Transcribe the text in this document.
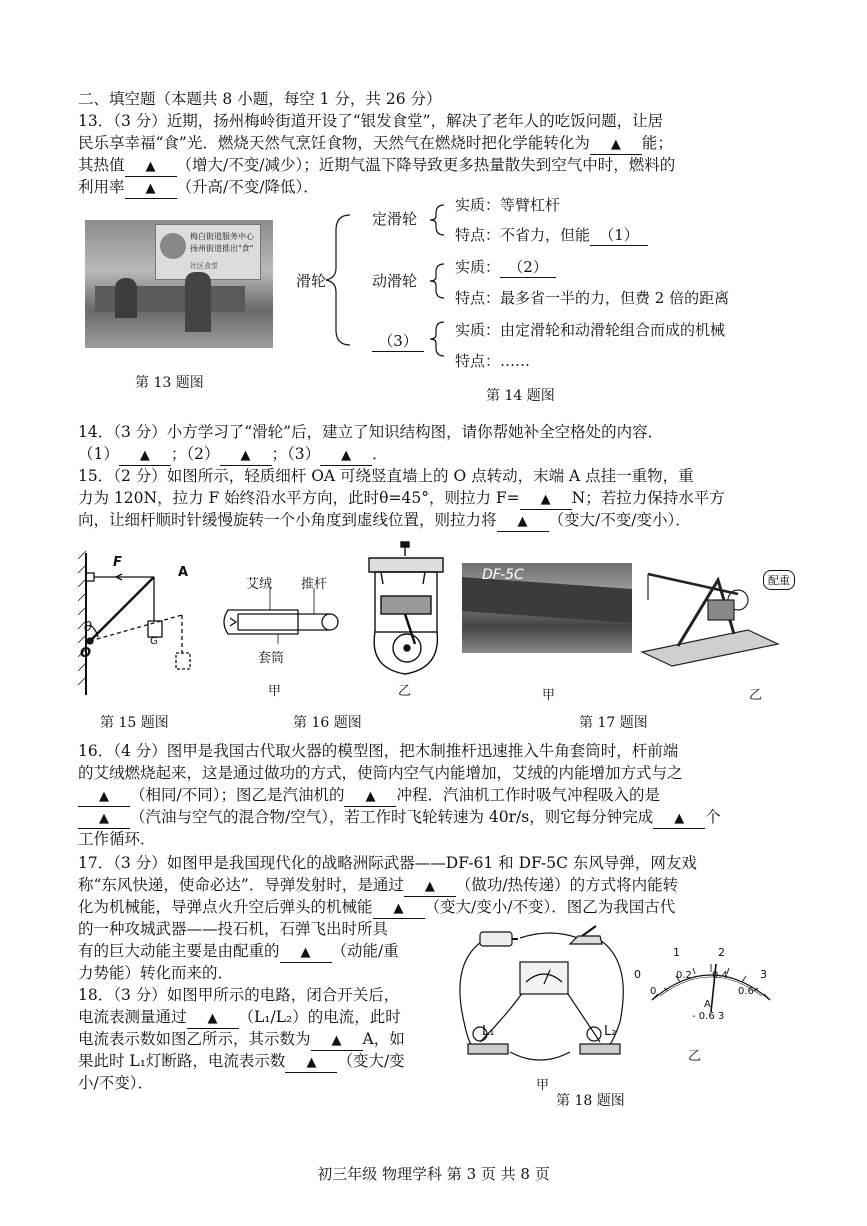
二、填空题（本题共 8 小题，每空 1 分，共 26 分）
13．（3 分）近期，扬州梅岭街道开设了“银发食堂”，解决了老年人的吃饭问题，让居
民乐享幸福“食”光．燃烧天然气烹饪食物，天然气在燃烧时把化学能转化为 ▲ 能；
其热值 ▲ （增大/不变/减少）；近期气温下降导致更多热量散失到空气中时，燃料的
利用率 ▲ （升高/不变/降低）．
梅白街道服务中心
扬州街道推出"食"
社区食堂
第 13 题图
滑轮
定滑轮
动滑轮
（3）
实质：等臂杠杆
特点：不省力，但能 （1）
实质： （2）
特点：最多省一半的力，但费 2 倍的距离
实质：由定滑轮和动滑轮组合而成的机械
特点：……
第 14 题图
14．（3 分）小方学习了“滑轮”后，建立了知识结构图，请你帮她补全空格处的内容．
（1） ▲ ；（2） ▲ ；（3） ▲ ．
15．（2 分）如图所示，轻质细杆 OA 可绕竖直墙上的 O 点转动，末端 A 点挂一重物，重
力为 120N，拉力 F 始终沿水平方向，此时θ=45°，则拉力 F= ▲ N；若拉力保持水平方
向，让细杆顺时针缓慢旋转一个小角度到虚线位置，则拉力将 ▲ （变大/不变/变小）．
F
A
θ
O
G
第 15 题图
艾绒 推杆
套筒
甲	乙
第 16 题图
DF-5C
甲
配重
乙
第 17 题图
16．（4 分）图甲是我国古代取火器的模型图，把木制推杆迅速推入牛角套筒时，杆前端
的艾绒燃烧起来，这是通过做功的方式，使筒内空气内能增加，艾绒的内能增加方式与之
▲ （相同/不同）；图乙是汽油机的 ▲ 冲程．汽油机工作时吸气冲程吸入的是
▲ （汽油与空气的混合物/空气），若工作时飞轮转速为 40r/s，则它每分钟完成 ▲ 个
工作循环．
17．（3 分）如图甲是我国现代化的战略洲际武器——DF-61 和 DF-5C 东风导弹，网友戏
称“东风快递，使命必达”．导弹发射时，是通过 ▲ （做功/热传递）的方式将内能转
化为机械能，导弹点火升空后弹头的机械能 ▲ （变大/变小/不变）．图乙为我国古代
的一种攻城武器——投石机，石弹飞出时所具
有的巨大动能主要是由配重的 ▲ （动能/重
力势能）转化而来的．
18．（3 分）如图甲所示的电路，闭合开关后，
电流表测量通过 ▲ （L₁/L₂）的电流，此时
电流表示数如图乙所示，其示数为 ▲ A，如
果此时 L₁灯断路，电流表示数 ▲ （变大/变
小/不变）．
L₁	L₂
甲
0
1	2
3
0
0.2 0.4
0.6
A
- 0.6 3
乙
第 18 题图
初三年级 物理学科 第 3 页 共 8 页
